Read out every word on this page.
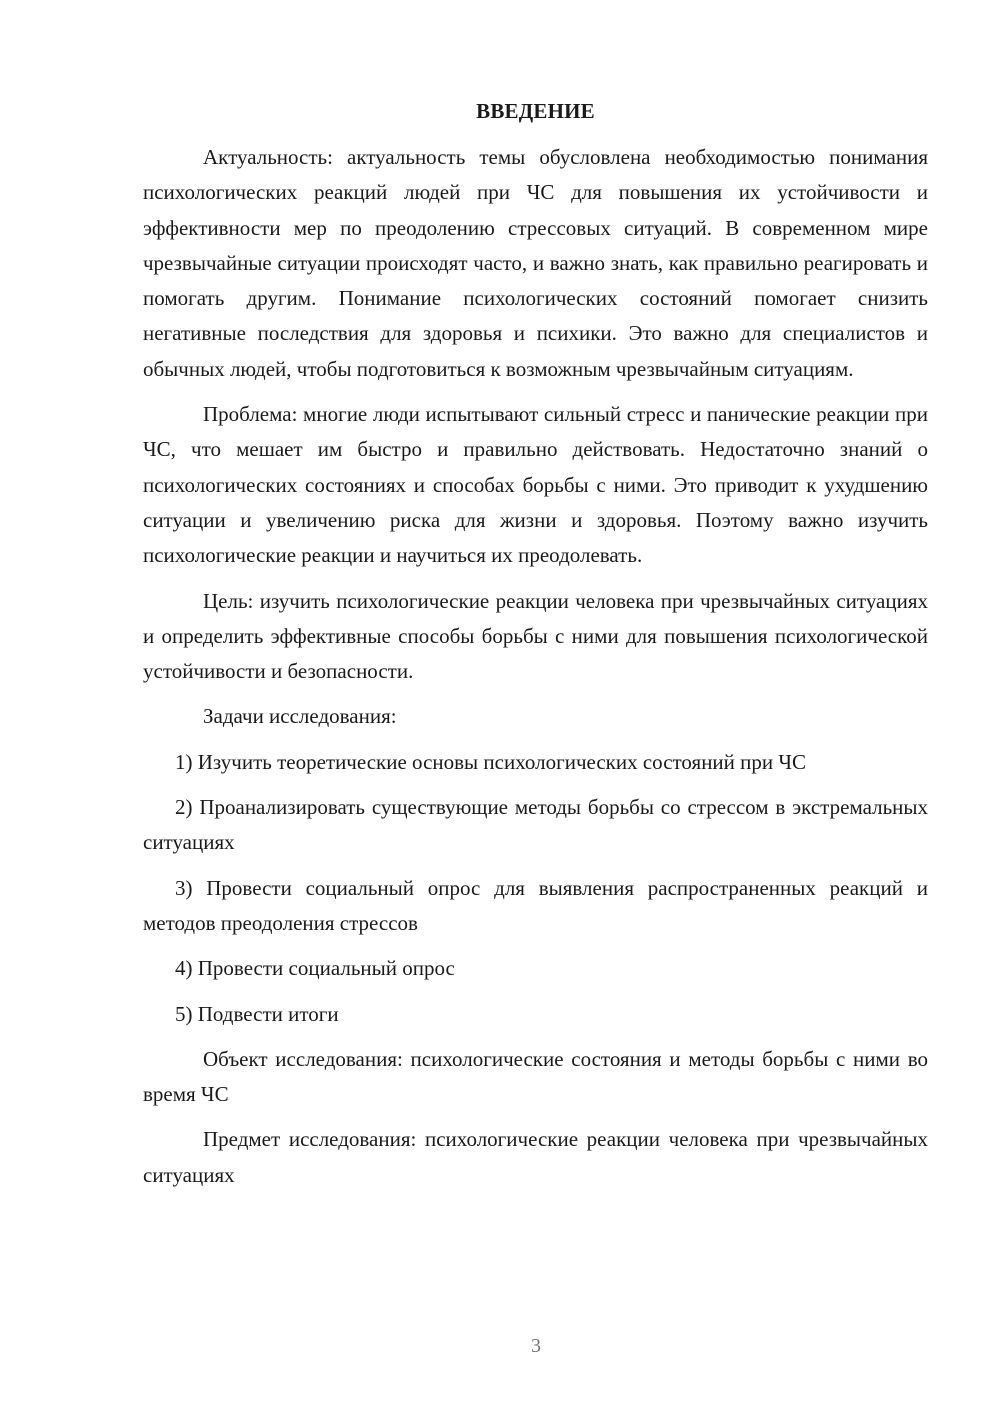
ВВЕДЕНИЕ

Актуальность: актуальность темы обусловлена необходимостью понимания психологических реакций людей при ЧС для повышения их устойчивости и эффективности мер по преодолению стрессовых ситуаций. В современном мире чрезвычайные ситуации происходят часто, и важно знать, как правильно реагировать и помогать другим. Понимание психологических состояний помогает снизить негативные последствия для здоровья и психики. Это важно для специалистов и обычных людей, чтобы подготовиться к возможным чрезвычайным ситуациям.

Проблема: многие люди испытывают сильный стресс и панические реакции при ЧС, что мешает им быстро и правильно действовать. Недостаточно знаний о психологических состояниях и способах борьбы с ними. Это приводит к ухудшению ситуации и увеличению риска для жизни и здоровья. Поэтому важно изучить психологические реакции и научиться их преодолевать.

Цель: изучить психологические реакции человека при чрезвычайных ситуациях и определить эффективные способы борьбы с ними для повышения психологической устойчивости и безопасности.

Задачи исследования:

1) Изучить теоретические основы психологических состояний при ЧС

2) Проанализировать существующие методы борьбы со стрессом в экстремальных ситуациях

3) Провести социальный опрос для выявления распространенных реакций и методов преодоления стрессов

4) Провести социальный опрос

5) Подвести итоги

Объект исследования: психологические состояния и методы борьбы с ними во время ЧС

Предмет исследования: психологические реакции человека при чрезвычайных ситуациях

3
